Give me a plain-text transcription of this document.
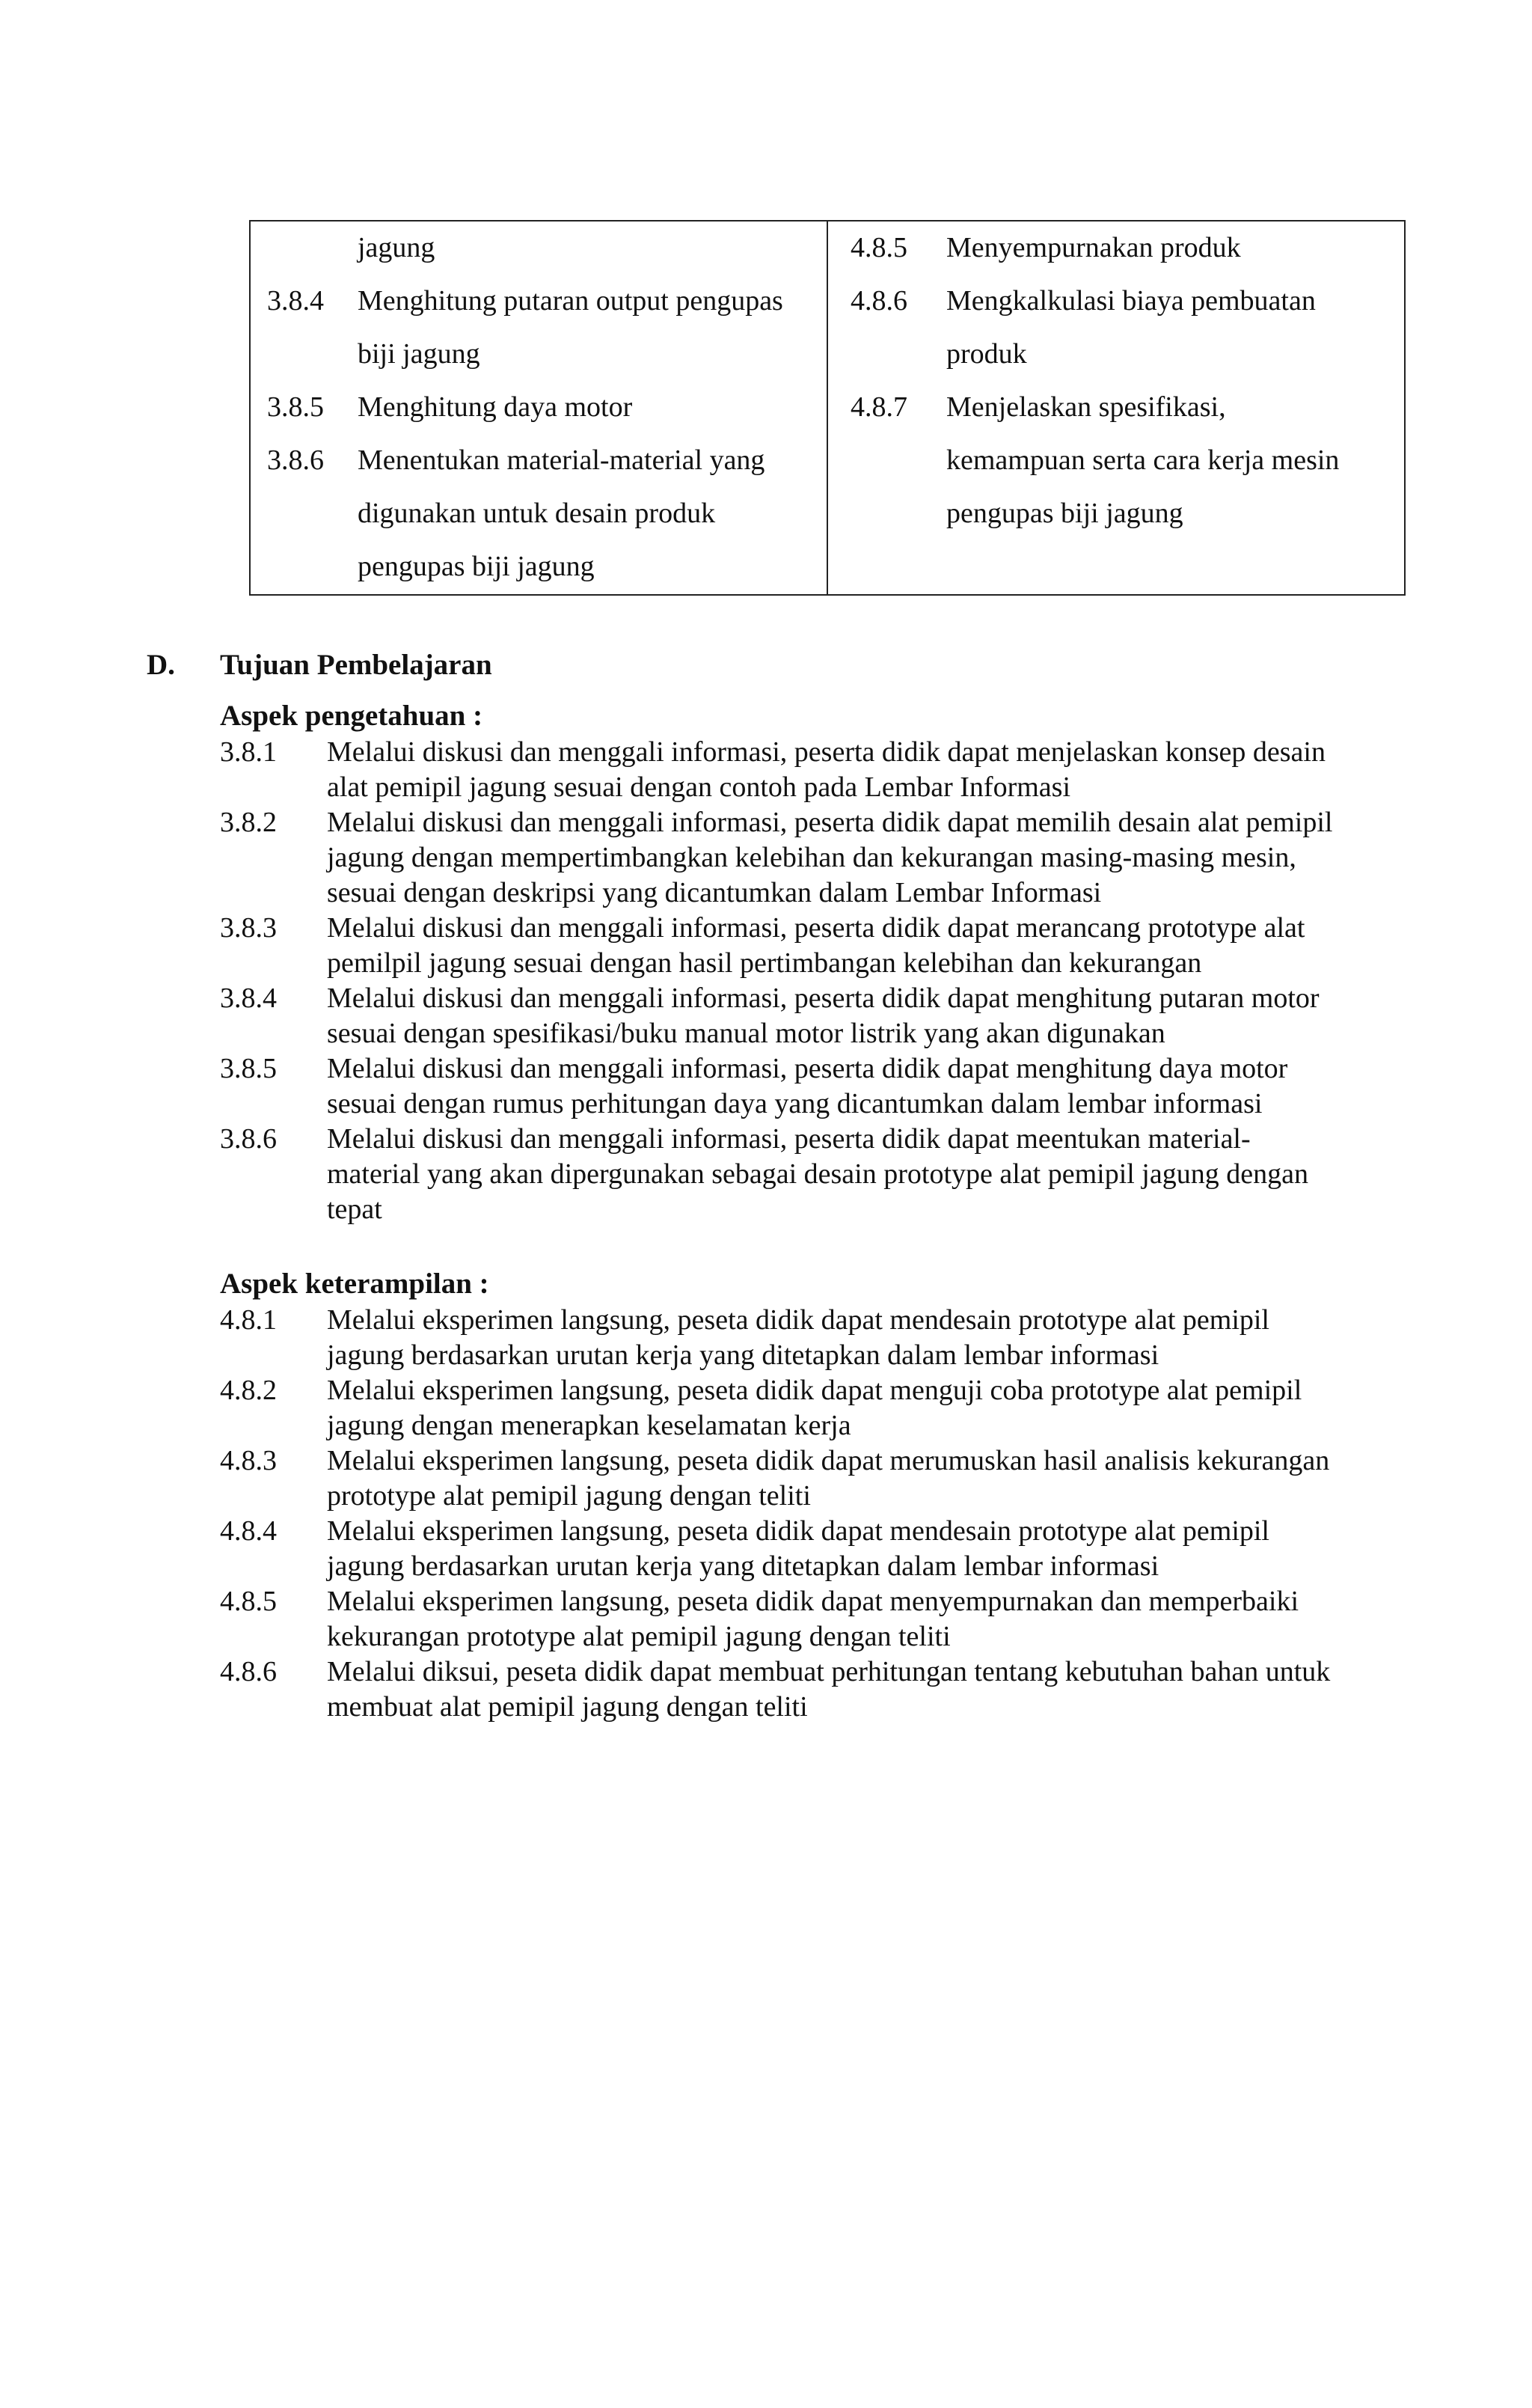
jagung
3.8.4	Menghitung putaran output pengupas
biji jagung
3.8.5	Menghitung daya motor
3.8.6	Menentukan material-material yang
digunakan untuk desain produk
pengupas biji jagung
4.8.5	Menyempurnakan produk
4.8.6	Mengkalkulasi biaya pembuatan
produk
4.8.7	Menjelaskan spesifikasi,
kemampuan serta cara kerja mesin
pengupas biji jagung
D.	Tujuan Pembelajaran
Aspek pengetahuan :
3.8.1	Melalui diskusi dan menggali informasi, peserta didik dapat menjelaskan konsep desain
alat pemipil jagung sesuai dengan contoh pada Lembar Informasi
3.8.2	Melalui diskusi dan menggali informasi, peserta didik dapat memilih desain alat pemipil
jagung dengan mempertimbangkan kelebihan dan kekurangan masing-masing mesin,
sesuai dengan deskripsi yang dicantumkan dalam Lembar Informasi
3.8.3	Melalui diskusi dan menggali informasi, peserta didik dapat merancang prototype alat
pemilpil jagung sesuai dengan hasil pertimbangan kelebihan dan kekurangan
3.8.4	Melalui diskusi dan menggali informasi, peserta didik dapat menghitung putaran motor
sesuai dengan spesifikasi/buku manual motor listrik yang akan digunakan
3.8.5	Melalui diskusi dan menggali informasi, peserta didik dapat menghitung daya motor
sesuai dengan rumus perhitungan daya yang dicantumkan dalam lembar informasi
3.8.6	Melalui diskusi dan menggali informasi, peserta didik dapat meentukan material-
material yang akan dipergunakan sebagai desain prototype alat pemipil jagung dengan
tepat
Aspek keterampilan :
4.8.1	Melalui eksperimen langsung, peseta didik dapat mendesain prototype alat pemipil
jagung berdasarkan urutan kerja yang ditetapkan dalam lembar informasi
4.8.2	Melalui eksperimen langsung, peseta didik dapat menguji coba prototype alat pemipil
jagung dengan menerapkan keselamatan kerja
4.8.3	Melalui eksperimen langsung, peseta didik dapat merumuskan hasil analisis kekurangan
prototype alat pemipil jagung dengan teliti
4.8.4	Melalui eksperimen langsung, peseta didik dapat mendesain prototype alat pemipil
jagung berdasarkan urutan kerja yang ditetapkan dalam lembar informasi
4.8.5	Melalui eksperimen langsung, peseta didik dapat menyempurnakan dan memperbaiki
kekurangan prototype alat pemipil jagung dengan teliti
4.8.6	Melalui diksui, peseta didik dapat membuat perhitungan tentang kebutuhan bahan untuk
membuat alat pemipil jagung dengan teliti
